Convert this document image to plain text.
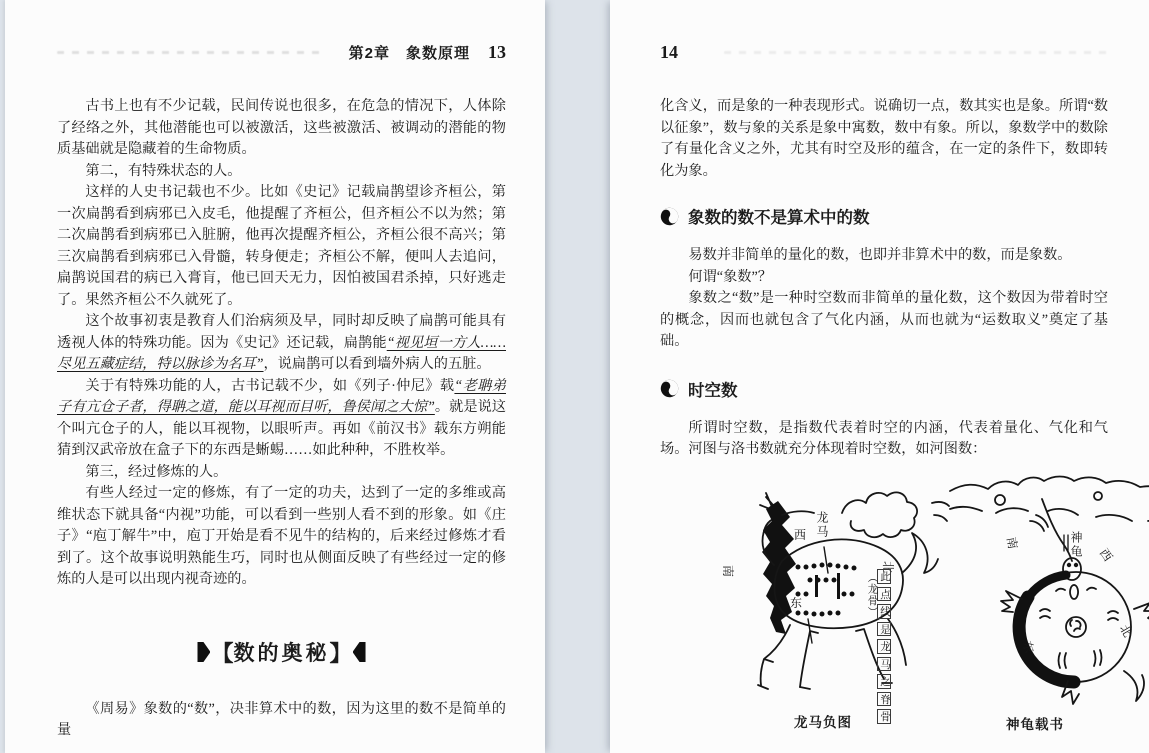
第2章　象数原理 13

古书上也有不少记载，民间传说也很多，在危急的情况下，人体除了经络之外，其他潜能也可以被激活，这些被激活、被调动的潜能的物质基础就是隐藏着的生命物质。

第二，有特殊状态的人。

这样的人史书记载也不少。比如《史记》记载扁鹊望诊齐桓公，第一次扁鹊看到病邪已入皮毛，他提醒了齐桓公，但齐桓公不以为然；第二次扁鹊看到病邪已入脏腑，他再次提醒齐桓公，齐桓公很不高兴；第三次扁鹊看到病邪已入骨髓，转身便走；齐桓公不解，便叫人去追问，扁鹊说国君的病已入膏肓，他已回天无力，因怕被国君杀掉，只好逃走了。果然齐桓公不久就死了。

这个故事初衷是教育人们治病须及早，同时却反映了扁鹊可能具有透视人体的特殊功能。因为《史记》还记载，扁鹊能“视见垣一方人……尽见五藏症结，特以脉诊为名耳”，说扁鹊可以看到墙外病人的五脏。

关于有特殊功能的人，古书记载不少，如《列子·仲尼》载“老聃弟子有亢仓子者，得聃之道，能以耳视而目听，鲁侯闻之大惊”。就是说这个叫亢仓子的人，能以耳视物，以眼听声。再如《前汉书》载东方朔能猜到汉武帝放在盒子下的东西是蜥蜴……如此种种，不胜枚举。

第三，经过修炼的人。

有些人经过一定的修炼，有了一定的功夫，达到了一定的多维或高维状态下就具备“内视”功能，可以看到一些别人看不到的形象。如《庄子》“庖丁解牛”中，庖丁开始是看不见牛的结构的，后来经过修炼才看到了。这个故事说明熟能生巧，同时也从侧面反映了有些经过一定的修炼的人是可以出现内视奇迹的。

【 数的奥秘 】

《周易》象数的“数”，决非算术中的数，因为这里的数不是简单的量

14

化含义，而是象的一种表现形式。说确切一点，数其实也是象。所谓“数以征象”，数与象的关系是象中寓数，数中有象。所以，象数学中的数除了有量化含义之外，尤其有时空及形的蕴含，在一定的条件下，数即转化为象。

象数的数不是算术中的数

易数并非简单的量化的数，也即并非算术中的数，而是象数。

何谓“象数”？

象数之“数”是一种时空数而非简单的量化数，这个数因为带着时空的概念，因而也就包含了气化内涵，从而也就为“运数取义”奠定了基础。

时空数

所谓时空数，是指数代表着时空的内涵，代表着量化、气化和气场。河图与洛书数就充分体现着时空数，如河图数：

龙马
西
东
南	北
此点线是龙马之脊骨 （龙骨）
龙马负图
神龟
南
西
东
北
神龟载书
